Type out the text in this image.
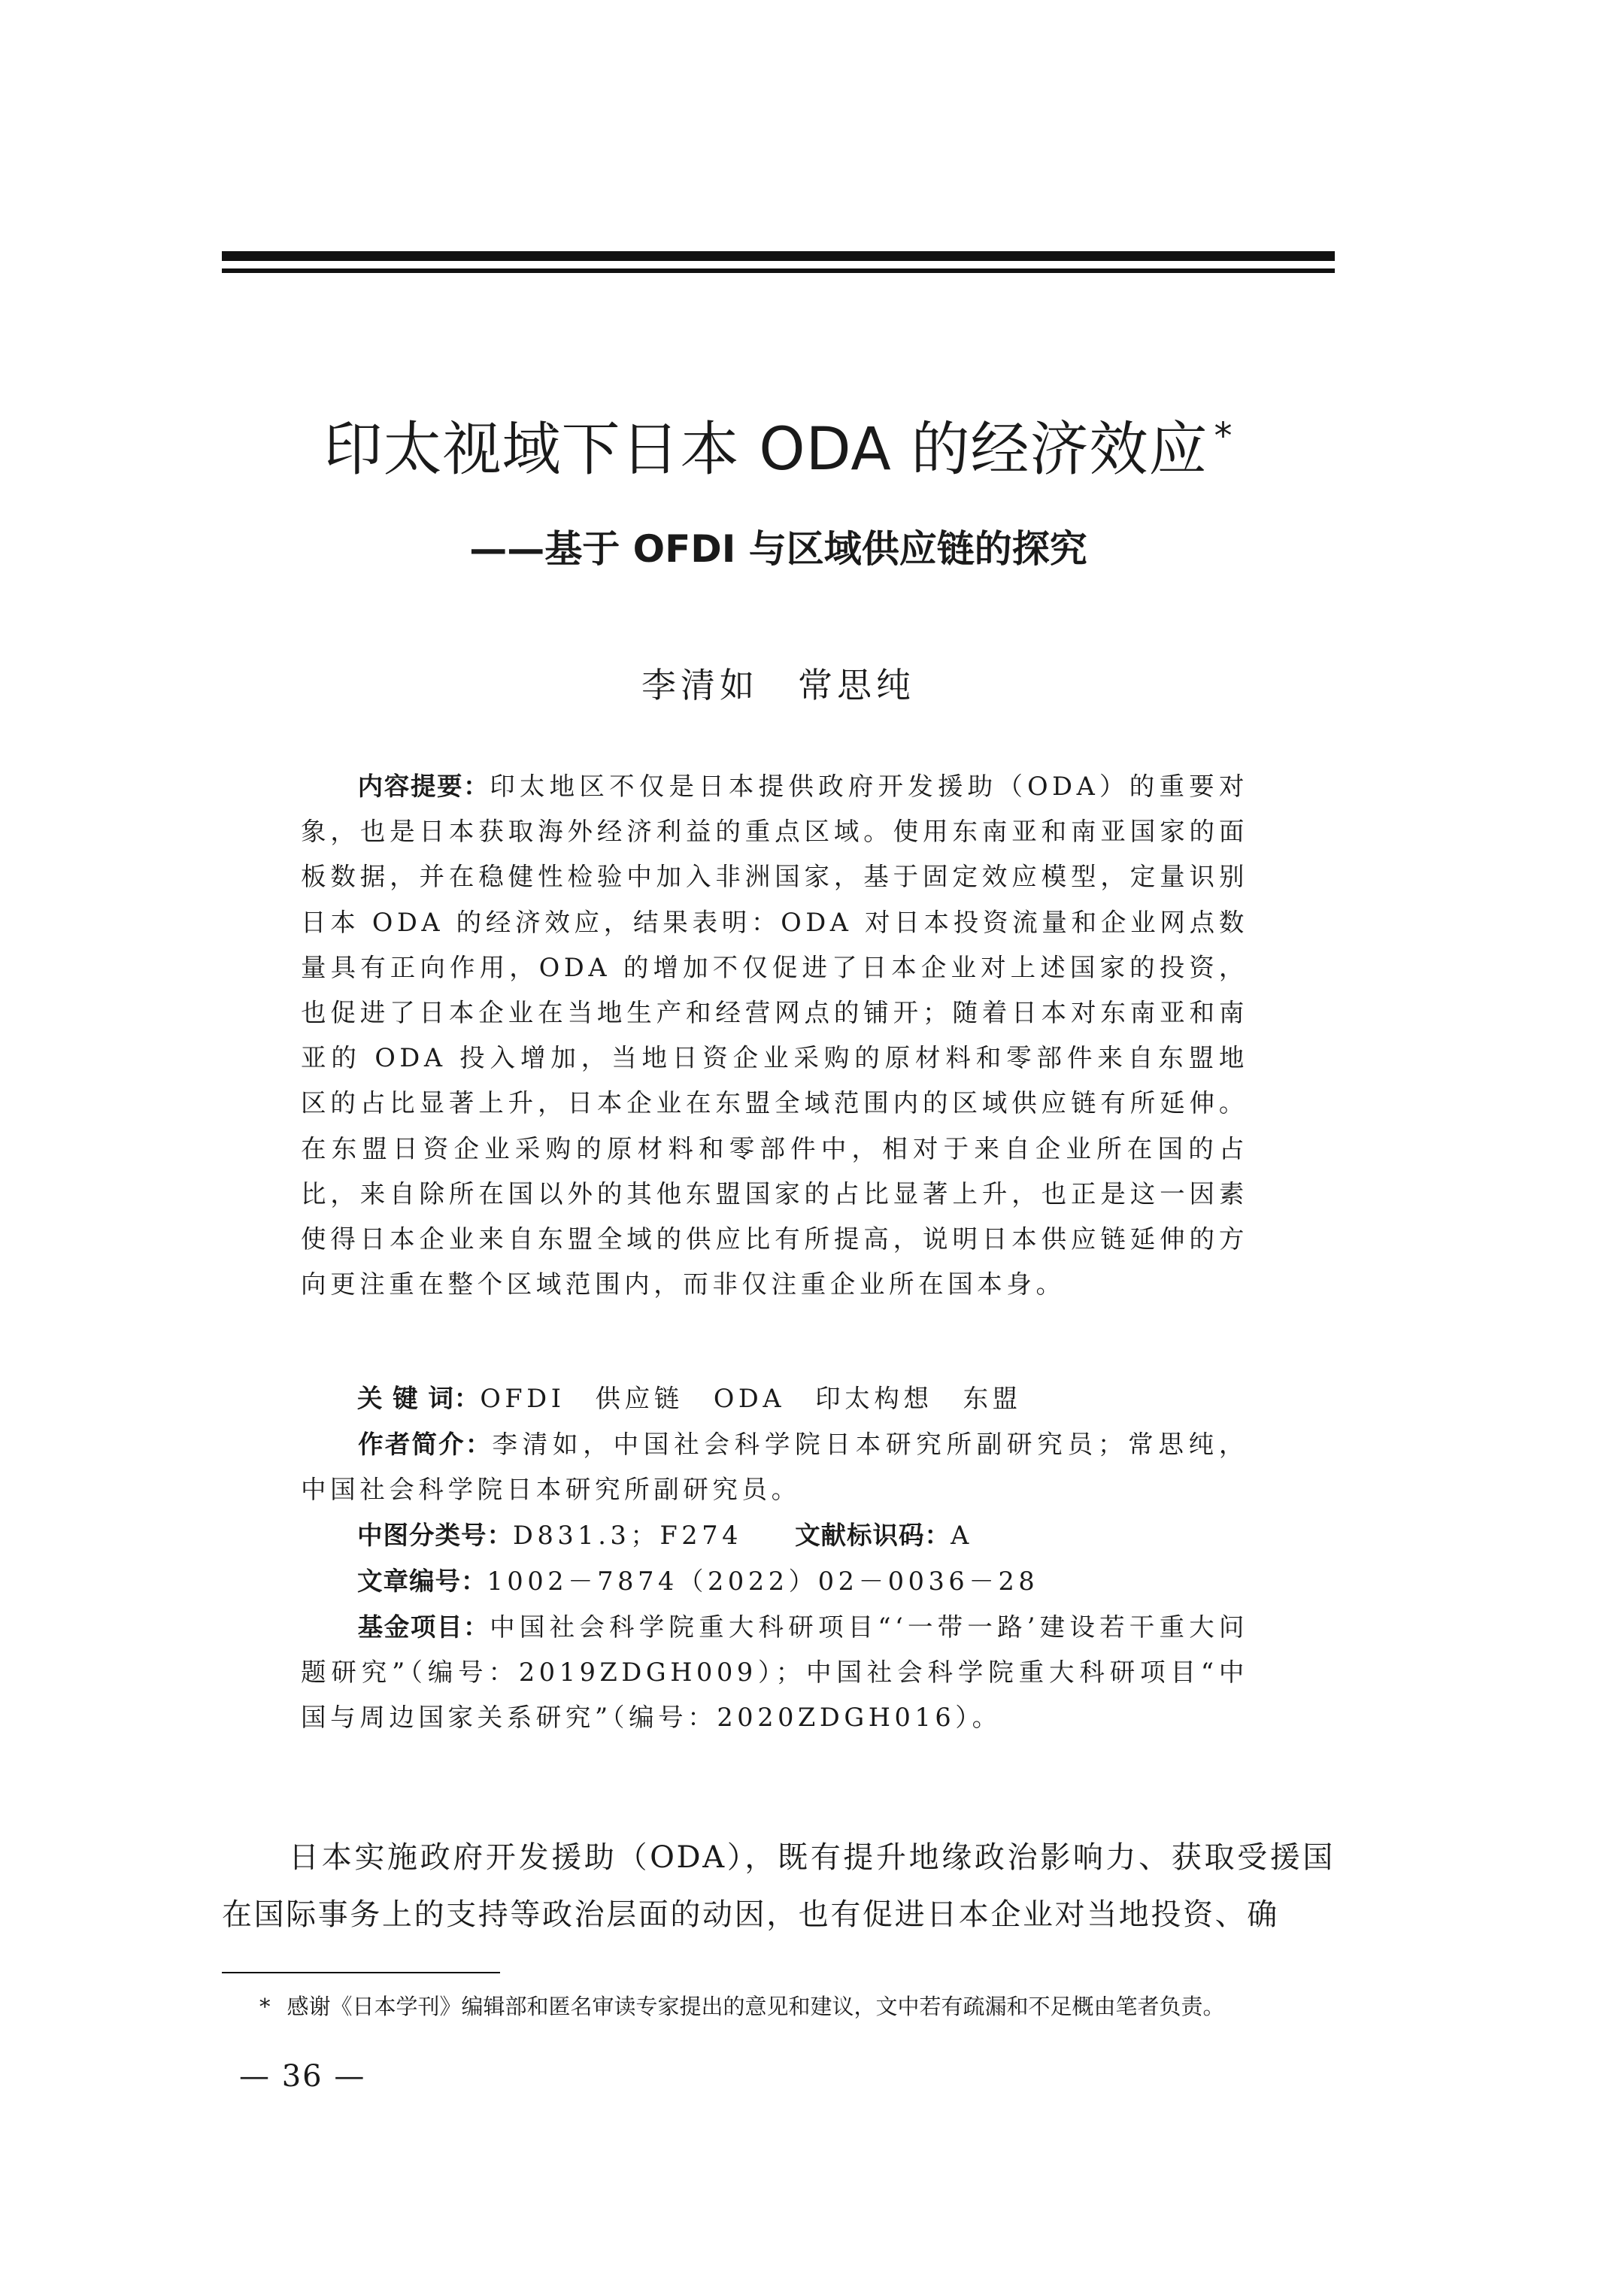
印太视域下日本 ODA 的经济效应 *
——基于 OFDI 与区域供应链的探究

李清如　常思纯

内容提要：印太地区不仅是日本提供政府开发援助（ODA）的重要对象，也是日本获取海外经济利益的重点区域。使用东南亚和南亚国家的面板数据，并在稳健性检验中加入非洲国家，基于固定效应模型，定量识别日本 ODA 的经济效应，结果表明：ODA 对日本投资流量和企业网点数量具有正向作用，ODA 的增加不仅促进了日本企业对上述国家的投资，也促进了日本企业在当地生产和经营网点的铺开；随着日本对东南亚和南亚的 ODA 投入增加，当地日资企业采购的原材料和零部件来自东盟地区的占比显著上升，日本企业在东盟全域范围内的区域供应链有所延伸。在东盟日资企业采购的原材料和零部件中，相对于来自企业所在国的占比，来自除所在国以外的其他东盟国家的占比显著上升，也正是这一因素使得日本企业来自东盟全域的供应比有所提高，说明日本供应链延伸的方向更注重在整个区域范围内，而非仅注重企业所在国本身。

关 键 词：OFDI 供应链 ODA 印太构想 东盟

作者简介：李清如，中国社会科学院日本研究所副研究员；常思纯，中国社会科学院日本研究所副研究员。

中图分类号：D831.3；F274 文献标识码：A

文章编号：1002－7874（2022）02－0036－28

基金项目：中国社会科学院重大科研项目“‘一带一路’建设若干重大问题研究”（编号：2019ZDGH009）；中国社会科学院重大科研项目“中国与周边国家关系研究”（编号：2020ZDGH016）。

日本实施政府开发援助（ODA），既有提升地缘政治影响力、获取受援国在国际事务上的支持等政治层面的动因，也有促进日本企业对当地投资、确

* 感谢《日本学刊》编辑部和匿名审读专家提出的意见和建议，文中若有疏漏和不足概由笔者负责。

— 36 —
